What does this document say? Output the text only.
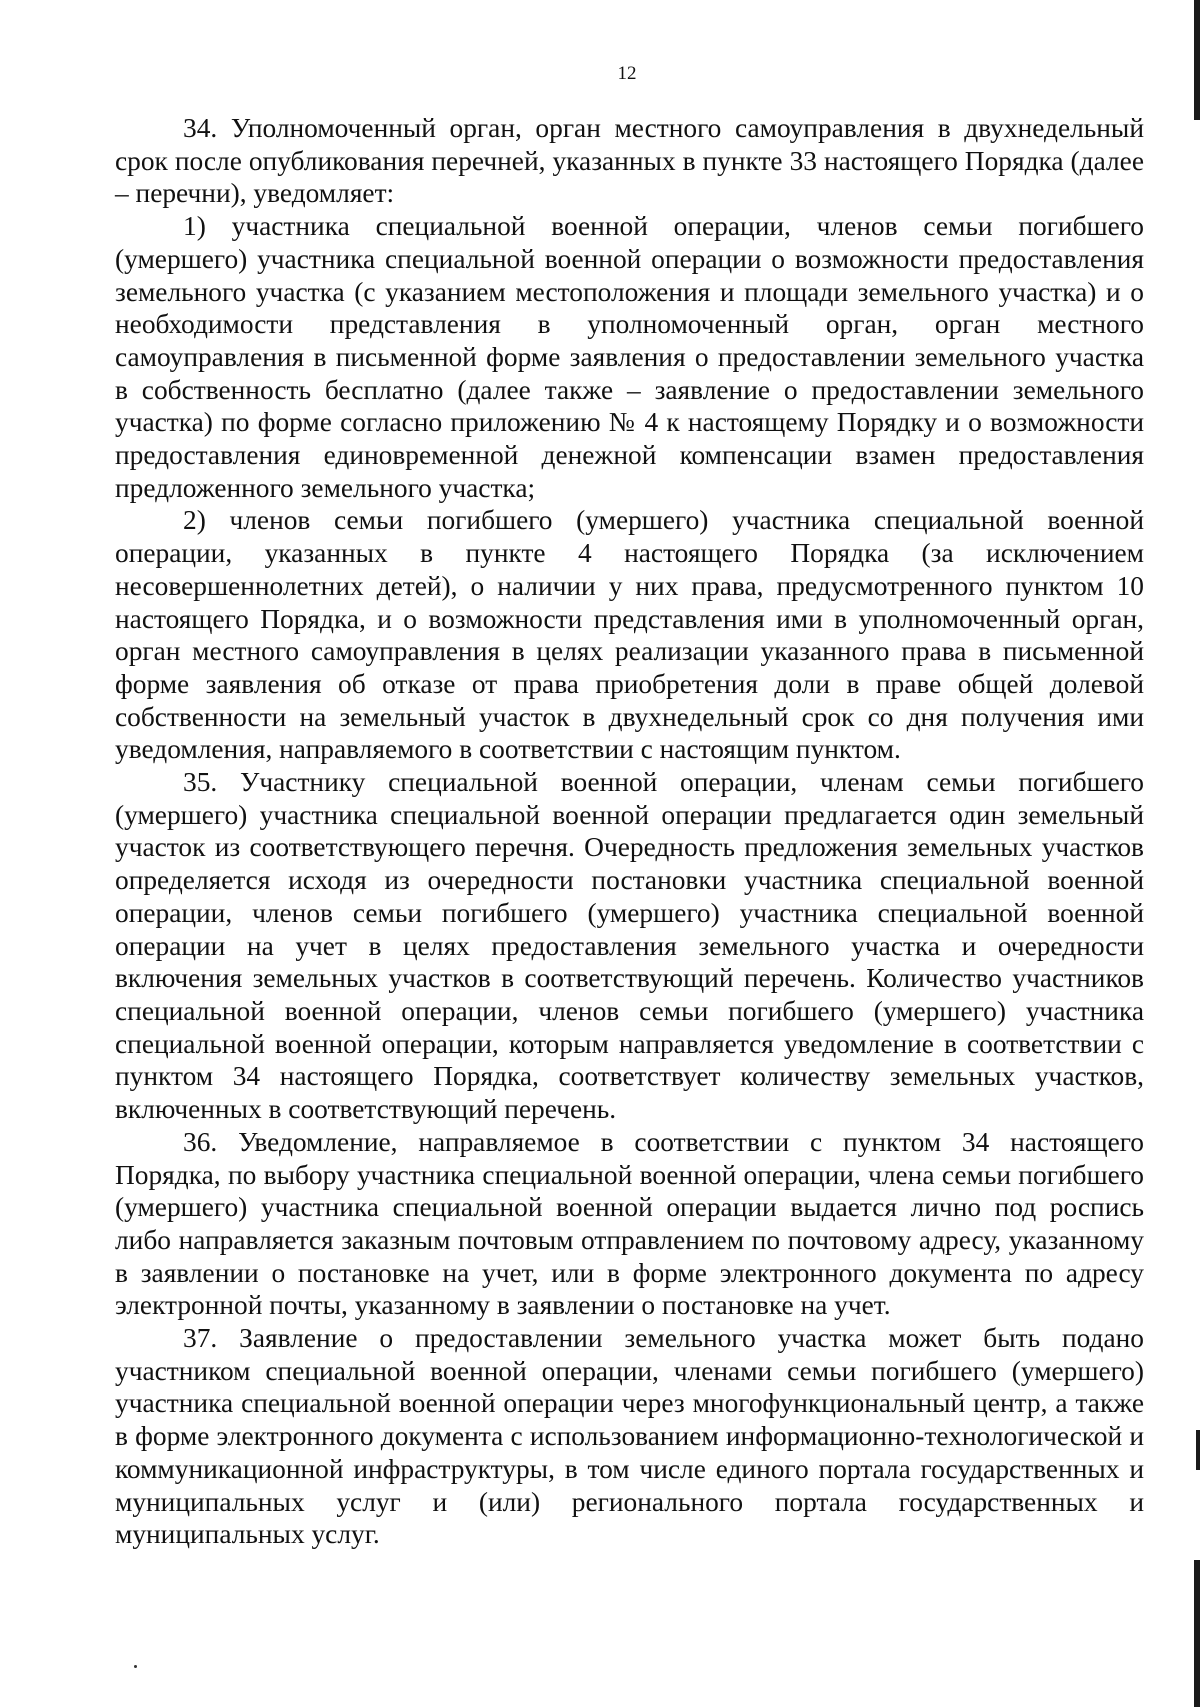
12

34. Уполномоченный орган, орган местного самоуправления в двухнедельный срок после опубликования перечней, указанных в пункте 33 настоящего Порядка (далее – перечни), уведомляет:

1) участника специальной военной операции, членов семьи погибшего (умершего) участника специальной военной операции о возможности предоставления земельного участка (с указанием местоположения и площади земельного участка) и о необходимости представления в уполномоченный орган, орган местного самоуправления в письменной форме заявления о предоставлении земельного участка в собственность бесплатно (далее также – заявление о предоставлении земельного участка) по форме согласно приложению № 4 к настоящему Порядку и о возможности предоставления единовременной денежной компенсации взамен предоставления предложенного земельного участка;

2) членов семьи погибшего (умершего) участника специальной военной операции, указанных в пункте 4 настоящего Порядка (за исключением несовершеннолетних детей), о наличии у них права, предусмотренного пунктом 10 настоящего Порядка, и о возможности представления ими в уполномоченный орган, орган местного самоуправления в целях реализации указанного права в письменной форме заявления об отказе от права приобретения доли в праве общей долевой собственности на земельный участок в двухнедельный срок со дня получения ими уведомления, направляемого в соответствии с настоящим пунктом.

35. Участнику специальной военной операции, членам семьи погибшего (умершего) участника специальной военной операции предлагается один земельный участок из соответствующего перечня. Очередность предложения земельных участков определяется исходя из очередности постановки участника специальной военной операции, членов семьи погибшего (умершего) участника специальной военной операции на учет в целях предоставления земельного участка и очередности включения земельных участков в соответствующий перечень. Количество участников специальной военной операции, членов семьи погибшего (умершего) участника специальной военной операции, которым направляется уведомление в соответствии с пунктом 34 настоящего Порядка, соответствует количеству земельных участков, включенных в соответствующий перечень.

36. Уведомление, направляемое в соответствии с пунктом 34 настоящего Порядка, по выбору участника специальной военной операции, члена семьи погибшего (умершего) участника специальной военной операции выдается лично под роспись либо направляется заказным почтовым отправлением по почтовому адресу, указанному в заявлении о постановке на учет, или в форме электронного документа по адресу электронной почты, указанному в заявлении о постановке на учет.

37. Заявление о предоставлении земельного участка может быть подано участником специальной военной операции, членами семьи погибшего (умершего) участника специальной военной операции через многофункциональный центр, а также в форме электронного документа с использованием информационно-технологической и коммуникационной инфраструктуры, в том числе единого портала государственных и муниципальных услуг и (или) регионального портала государственных и муниципальных услуг.
